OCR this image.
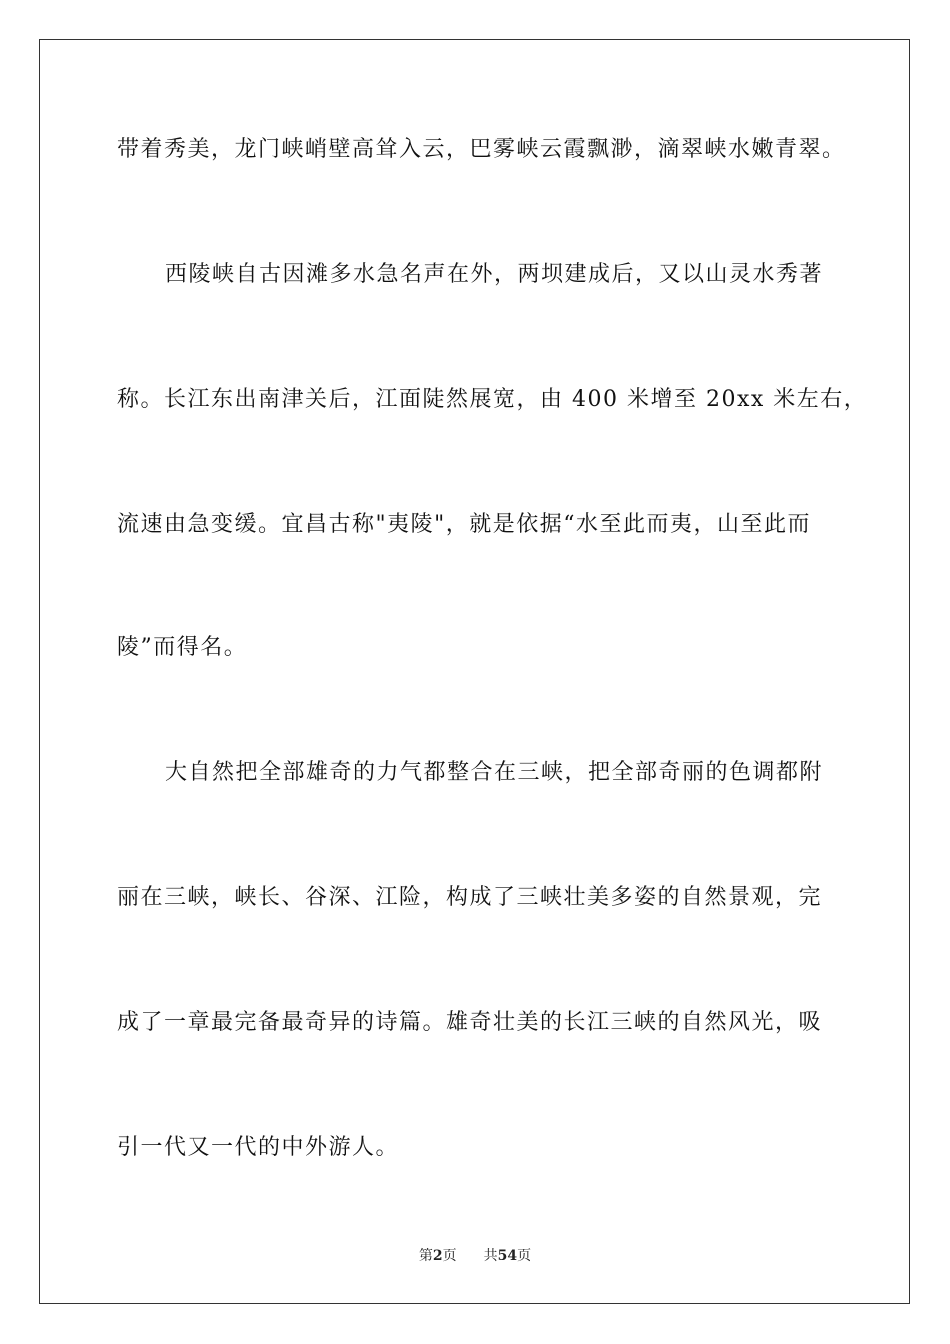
带着秀美，龙门峡峭壁高耸入云，巴雾峡云霞飘渺，滴翠峡水嫩青翠。
西陵峡自古因滩多水急名声在外，两坝建成后，又以山灵水秀著
称。长江东出南津关后，江面陡然展宽，由 400 米增至 20xx 米左右，
流速由急变缓。宜昌古称"夷陵"，就是依据“水至此而夷，山至此而
陵”而得名。
大自然把全部雄奇的力气都整合在三峡，把全部奇丽的色调都附
丽在三峡，峡长、谷深、江险，构成了三峡壮美多姿的自然景观，完
成了一章最完备最奇异的诗篇。雄奇壮美的长江三峡的自然风光，吸
引一代又一代的中外游人。
第2页 共54页
